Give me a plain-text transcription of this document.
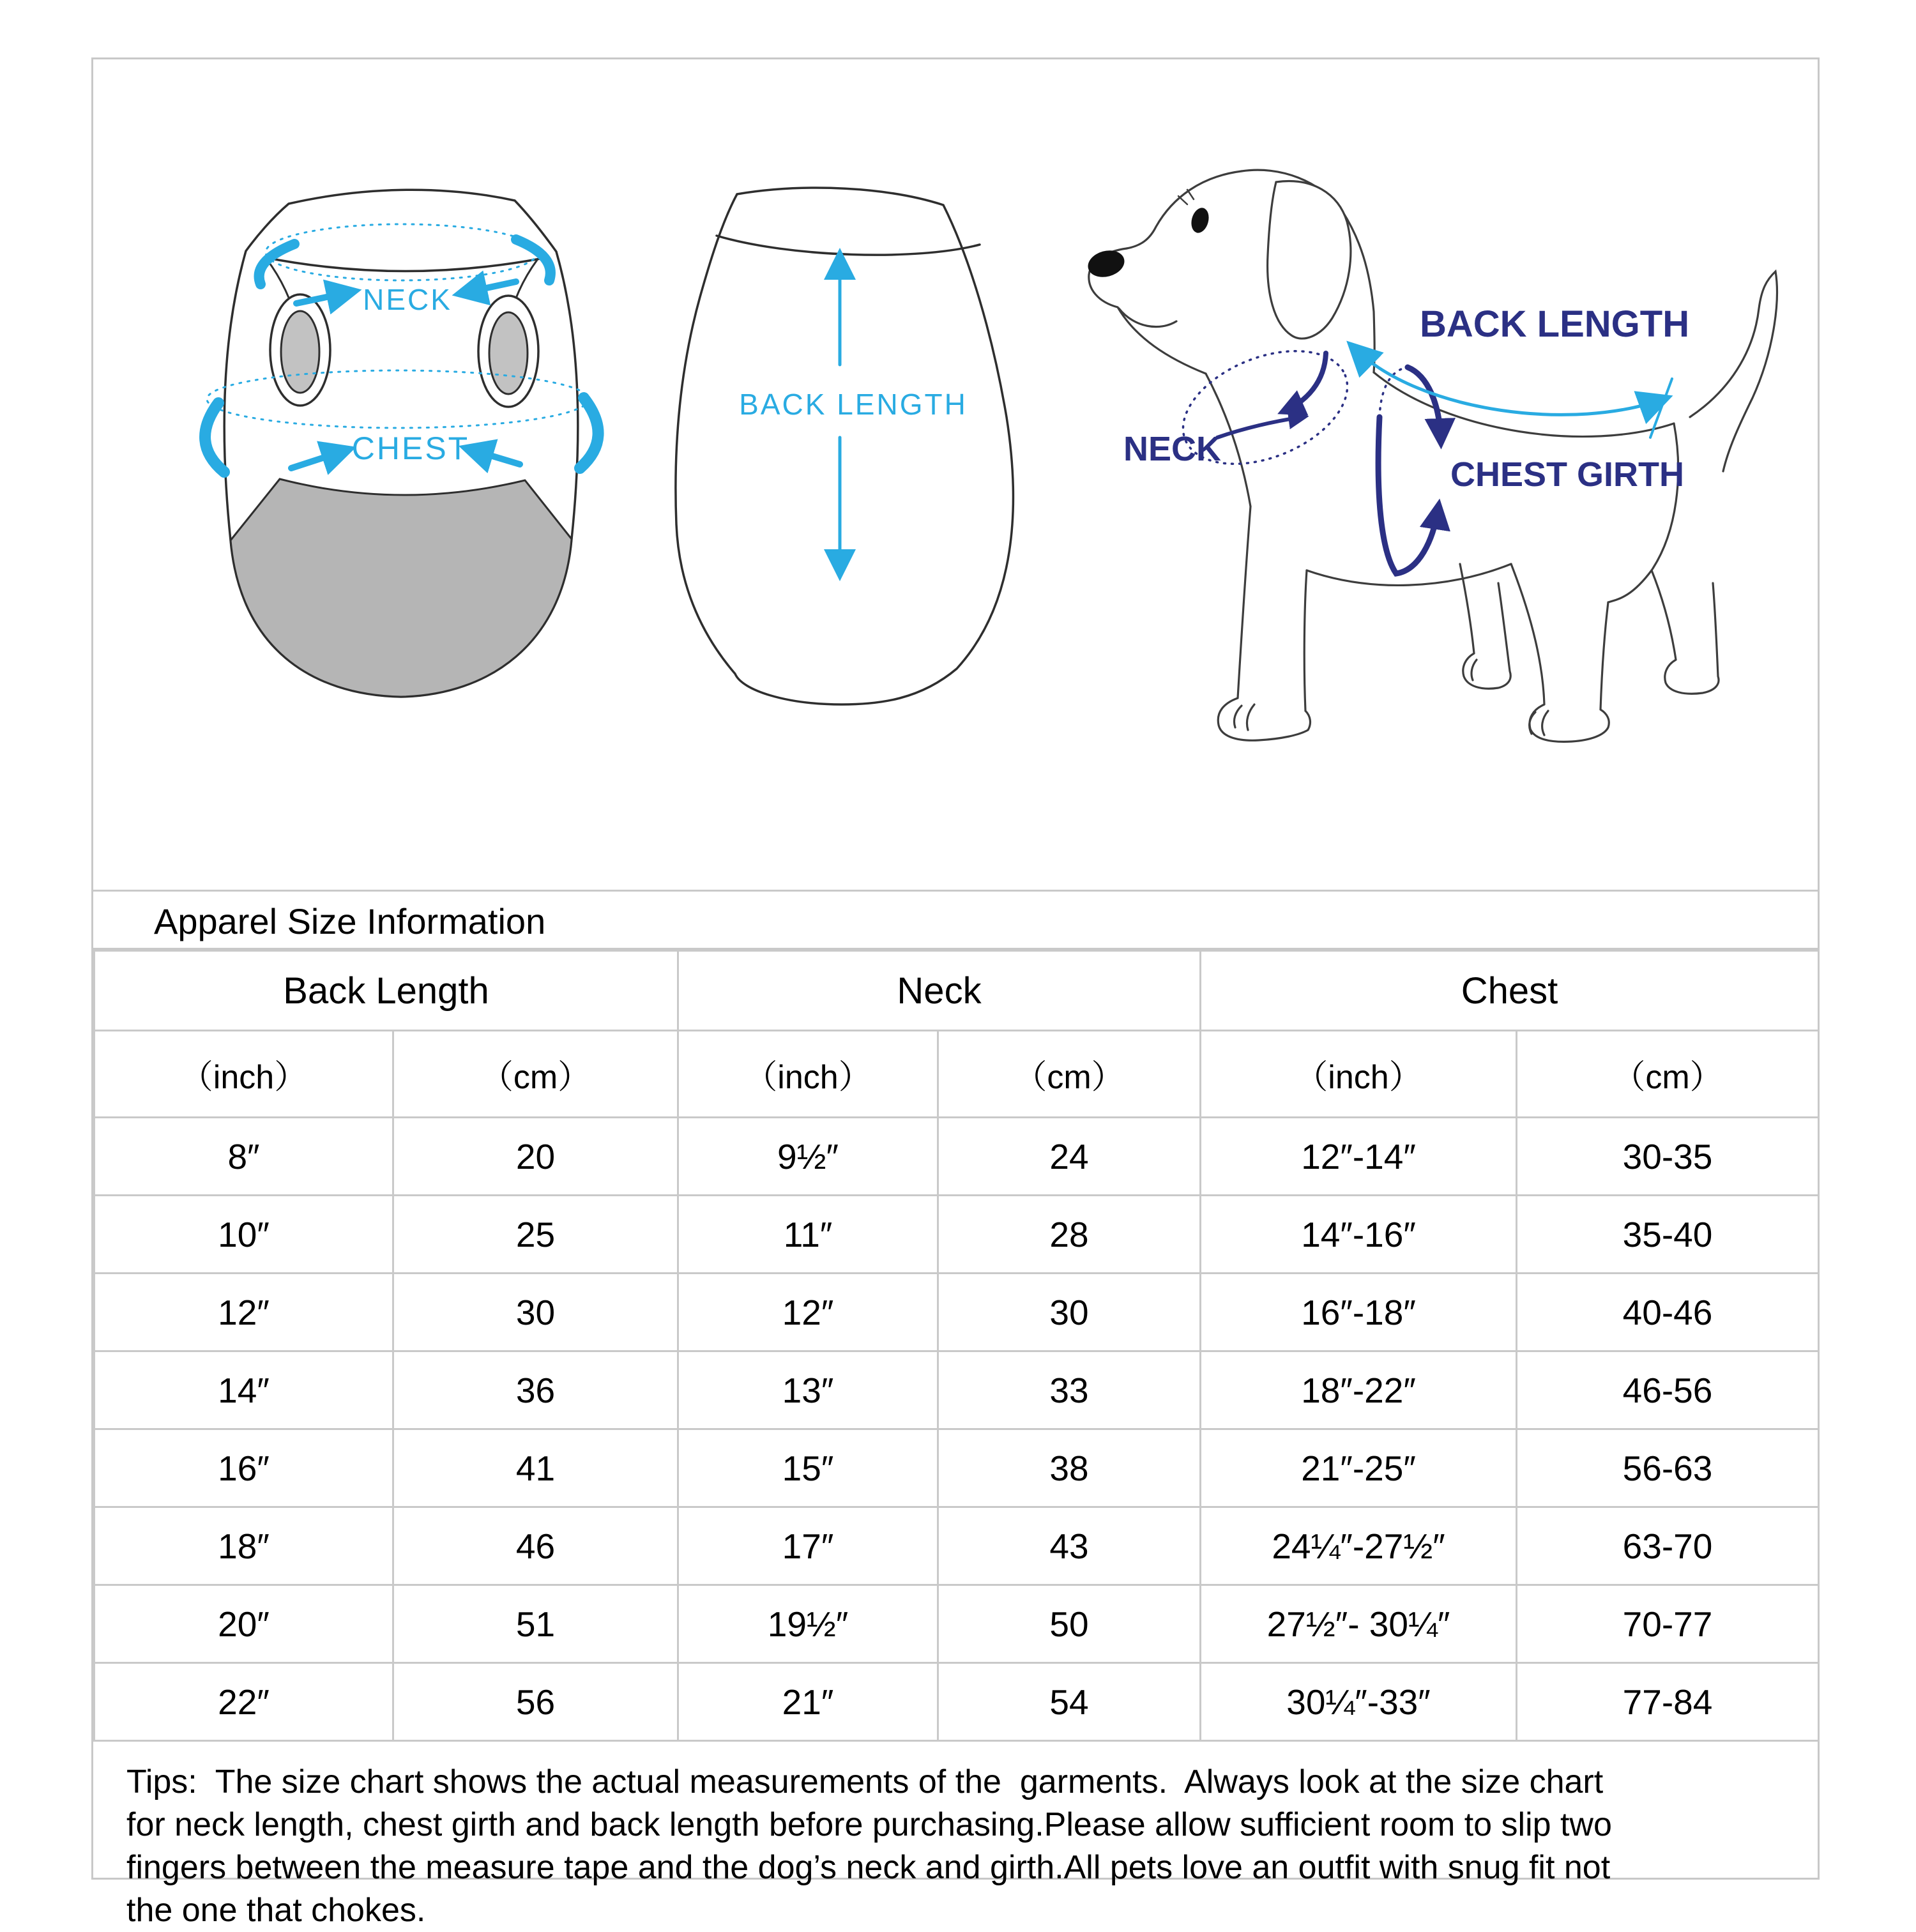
NECK
CHEST
BACK LENGTH
BACK LENGTH
NECK
CHEST GIRTH
Apparel Size Information
Back Length		Neck		Chest	
（inch）	（cm）	（inch）	（cm）	（inch）	（cm）
8″	20	9½″	24	12″-14″	30-35
10″	25	11″	28	14″-16″	35-40
12″	30	12″	30	16″-18″	40-46
14″	36	13″	33	18″-22″	46-56
16″	41	15″	38	21″-25″	56-63
18″	46	17″	43	24¼″-27½″	63-70
20″	51	19½″	50	27½″- 30¼″	70-77
22″	56	21″	54	30¼″-33″	77-84
Tips:  The size chart shows the actual measurements of the  garments.  Always look at the size chart
for neck length, chest girth and back length before purchasing.Please allow sufficient room to slip two
fingers between the measure tape and the dog’s neck and girth.All pets love an outfit with snug fit not
the one that chokes.
